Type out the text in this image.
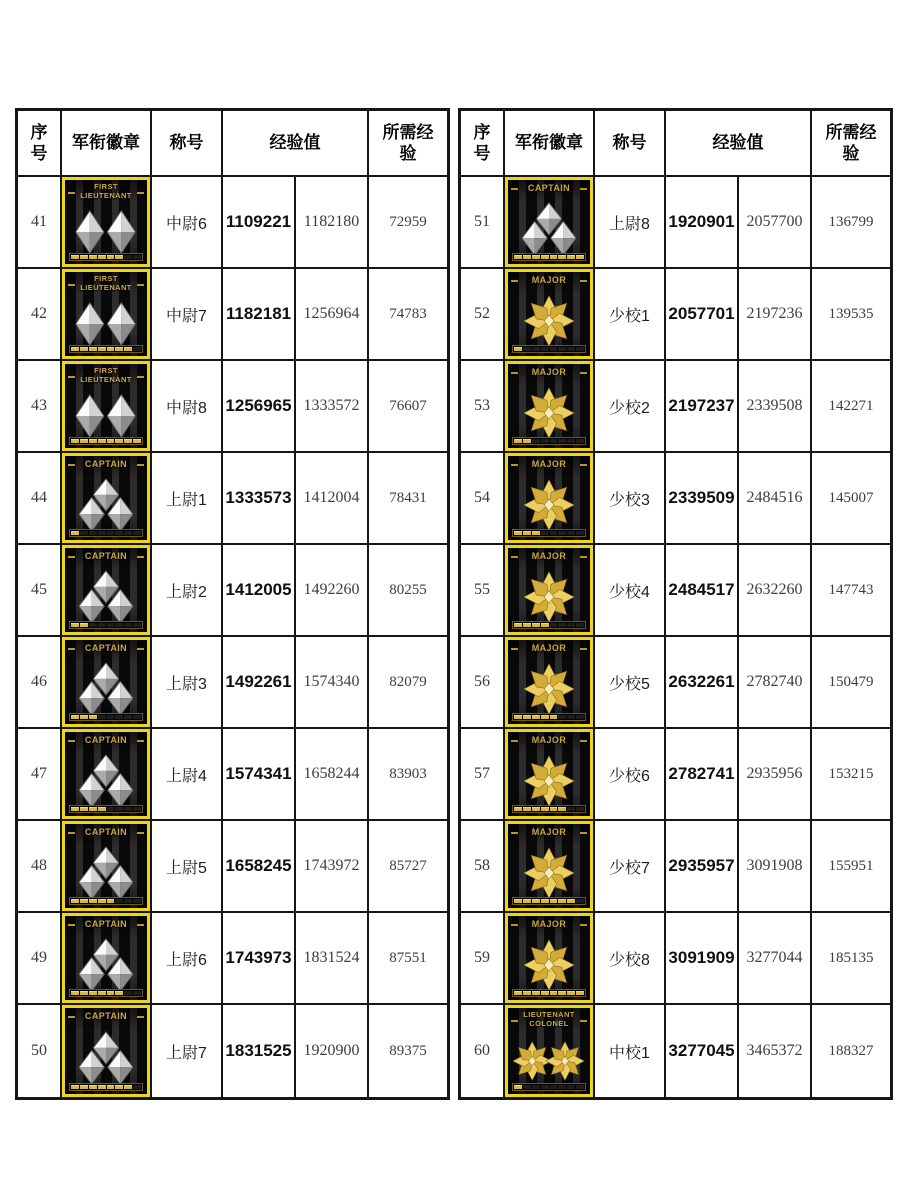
序号
军衔徽章	称号	经验值
所需经验
41
FIRST
LIEUTENANT
中尉6	1109221 1182180	72959
42
FIRST
LIEUTENANT
中尉7	1182181 1256964	74783
43
FIRST
LIEUTENANT
中尉8	1256965 1333572	76607
44
CAPTAIN
上尉1	1333573 1412004	78431
45
CAPTAIN
上尉2	1412005 1492260	80255
46
CAPTAIN
上尉3	1492261 1574340	82079
47
CAPTAIN
上尉4	1574341 1658244	83903
48
CAPTAIN
上尉5	1658245 1743972	85727
49
CAPTAIN
上尉6	1743973 1831524	87551
50
CAPTAIN
上尉7	1831525 1920900	89375
序号
军衔徽章	称号	经验值
所需经验
51
CAPTAIN
上尉8	1920901 2057700	136799
52
MAJOR
少校1	2057701 2197236	139535
53
MAJOR
少校2	2197237 2339508	142271
54
MAJOR
少校3	2339509 2484516	145007
55
MAJOR
少校4	2484517 2632260	147743
56
MAJOR
少校5	2632261 2782740	150479
57
MAJOR
少校6	2782741 2935956	153215
58
MAJOR
少校7	2935957 3091908	155951
59
MAJOR
少校8	3091909 3277044	185135
60
LIEUTENANT
COLONEL
中校1	3277045 3465372	188327
